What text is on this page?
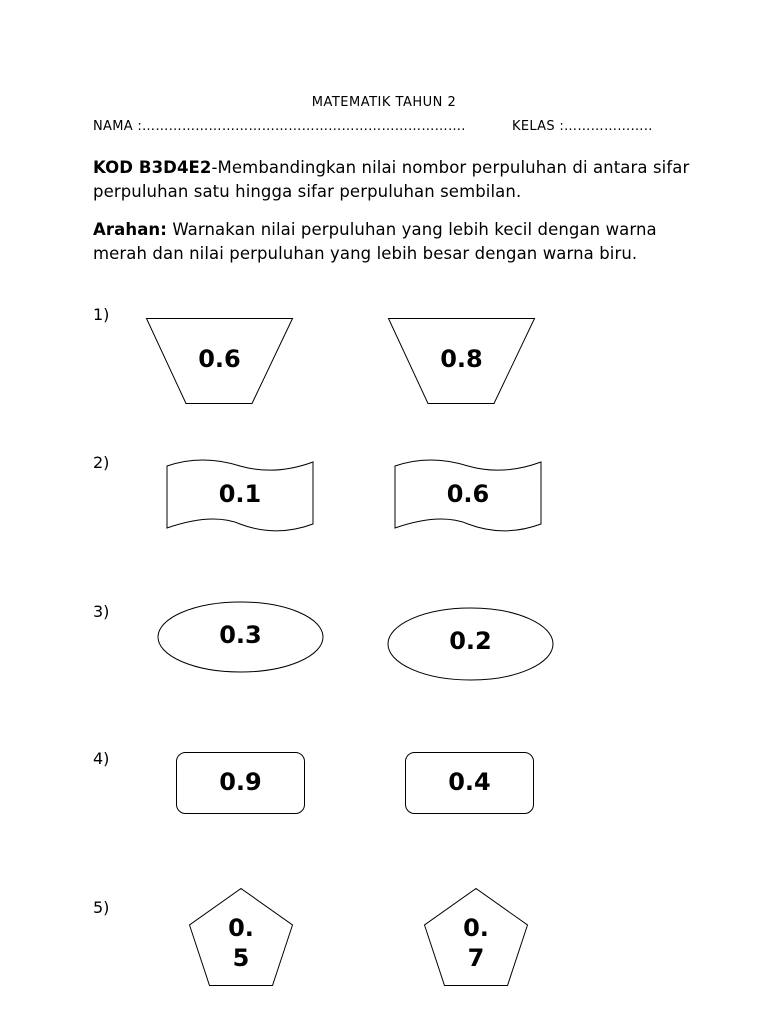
MATEMATIK TAHUN 2
NAMA :……………………………………………………………….	KELAS :………………..
KOD B3D4E2-Membandingkan nilai nombor perpuluhan di antara sifar perpuluhan satu hingga sifar perpuluhan sembilan.
Arahan: Warnakan nilai perpuluhan yang lebih kecil dengan warna merah dan nilai perpuluhan yang lebih besar dengan warna biru.
1)
0.6	0.8
2)
0.1	0.6
3)
0.3	0.2
4)
0.9	0.4
5)
0.
5
0.
7
